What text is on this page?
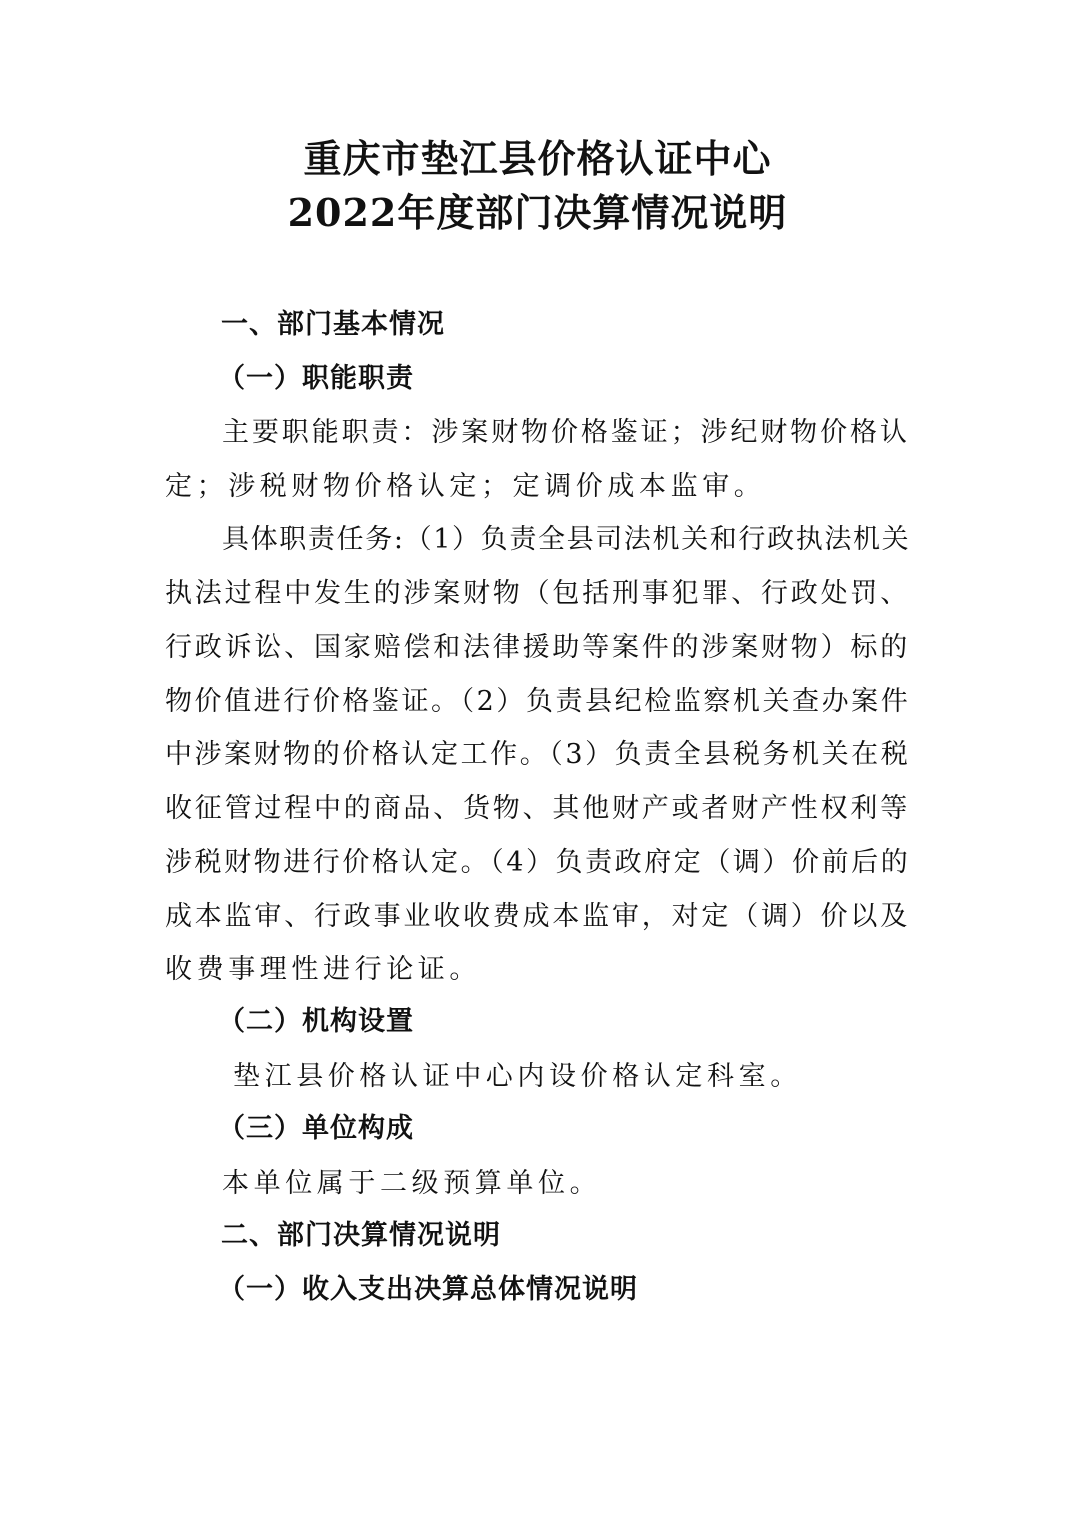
重庆市垫江县价格认证中心
2022年度部门决算情况说明
一、部门基本情况
（一）职能职责
主要职能职责：涉案财物价格鉴证；涉纪财物价格认
定；涉税财物价格认定；定调价成本监审。
具体职责任务:（1）负责全县司法机关和行政执法机关
执法过程中发生的涉案财物（包括刑事犯罪、行政处罚、
行政诉讼、国家赔偿和法律援助等案件的涉案财物）标的
物价值进行价格鉴证。（2）负责县纪检监察机关查办案件
中涉案财物的价格认定工作。（3）负责全县税务机关在税
收征管过程中的商品、货物、其他财产或者财产性权利等
涉税财物进行价格认定。（4）负责政府定（调）价前后的
成本监审、行政事业收收费成本监审，对定（调）价以及
收费事理性进行论证。
（二）机构设置
垫江县价格认证中心内设价格认定科室。
（三）单位构成
本单位属于二级预算单位。
二、部门决算情况说明
（一）收入支出决算总体情况说明
